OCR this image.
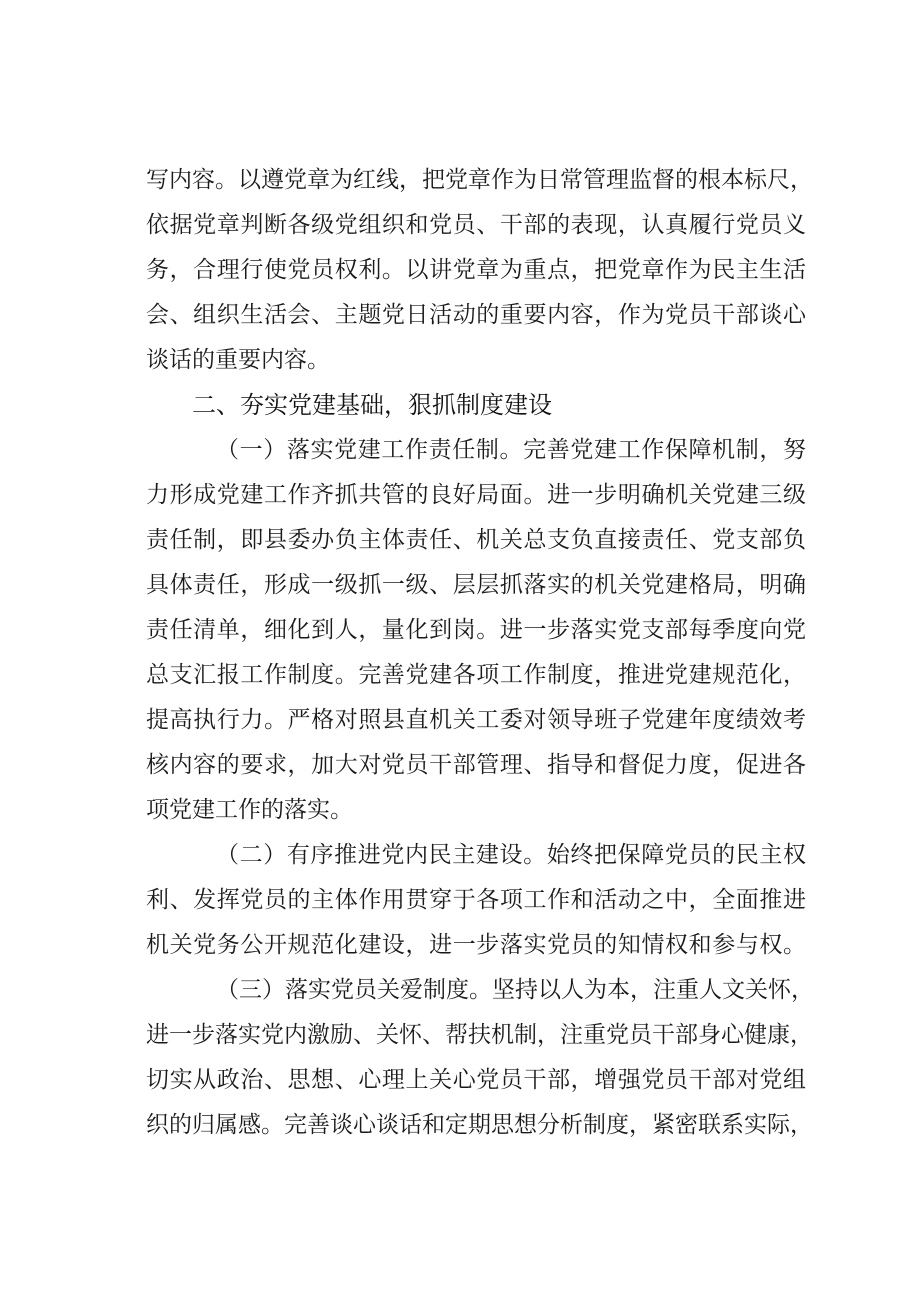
写内容。以遵党章为红线，把党章作为日常管理监督的根本标尺，
依据党章判断各级党组织和党员、干部的表现，认真履行党员义
务，合理行使党员权利。以讲党章为重点，把党章作为民主生活
会、组织生活会、主题党日活动的重要内容，作为党员干部谈心
谈话的重要内容。
二、夯实党建基础，狠抓制度建设
（一）落实党建工作责任制。完善党建工作保障机制，努
力形成党建工作齐抓共管的良好局面。进一步明确机关党建三级
责任制，即县委办负主体责任、机关总支负直接责任、党支部负
具体责任，形成一级抓一级、层层抓落实的机关党建格局，明确
责任清单，细化到人，量化到岗。进一步落实党支部每季度向党
总支汇报工作制度。完善党建各项工作制度，推进党建规范化，
提高执行力。严格对照县直机关工委对领导班子党建年度绩效考
核内容的要求，加大对党员干部管理、指导和督促力度，促进各
项党建工作的落实。
（二）有序推进党内民主建设。始终把保障党员的民主权
利、发挥党员的主体作用贯穿于各项工作和活动之中，全面推进
机关党务公开规范化建设，进一步落实党员的知情权和参与权。
（三）落实党员关爱制度。坚持以人为本，注重人文关怀，
进一步落实党内激励、关怀、帮扶机制，注重党员干部身心健康，
切实从政治、思想、心理上关心党员干部，增强党员干部对党组
织的归属感。完善谈心谈话和定期思想分析制度，紧密联系实际，
